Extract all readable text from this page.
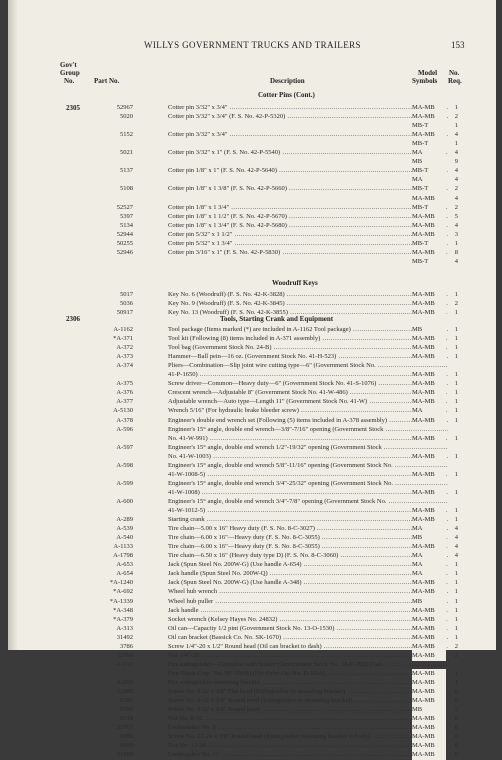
WILLYS GOVERNMENT TRUCKS AND TRAILERS	153
Gov't
Group
No.	Part No.	Description
Model
Symbols
No.
Req.
Cotter Pins (Cont.)
Woodruff Keys
Tools, Starting Crank and Equipment
2305
2306
52967	Cotter pin 3/32" x 3/4" .....	MA-MB	1
5020	Cotter pin 3/32" x 3/4" (F. S. No. 42-P-5320) .....	MA-MB	2
MB-T	1
5152	Cotter pin 3/32" x 3/4" .....	MA-MB	4
MB-T	1
5021	Cotter pin 3/32" x 1" (F. S. No. 42-P-5540) .....	MA	4
MB	9
5137	Cotter pin 1/8" x 1" (F. S. No. 42-P-5640) .....	MB-T	4
MA	4
5108	Cotter pin 1/8" x 1 3/8" (F. S. No. 42-P-5660) .....	MB-T	2
MA-MB	4
52527	Cotter pin 1/8" x 1 3/4" .....	MB-T	2
5397	Cotter pin 1/8" x 1 1/2" (F. S. No. 42-P-5670) .....	MA-MB	5
5134	Cotter pin 1/8" x 1 3/4" (F. S. No. 42-P-5680) .....	MA-MB	4
52944	Cotter pin 5/32" x 1 1/2" .....	MA-MB	3
50255	Cotter pin 5/32" x 1 3/4" .....	MB-T	1
52946	Cotter pin 3/16" x 1" (F. S. No. 42-P-5830) .....	MA-MB	8
MB-T	4
5017	Key No. 6 (Woodruff) (F. S. No. 42-K-3828) .....	MA-MB	1
5036	Key No. 9 (Woodruff) (F. S. No. 42-K-3845) .....	MA-MB	2
50917	Key No. 13 (Woodruff) (F. S. No. 42-K-3855) .....	MA-MB	1
A-1162	Tool package (Items marked (*) are included in A-1162 Tool package) .....	MB	1
*A-371	Tool kit (Following (8) items included in A-371 assembly) .....	MA-MB	1
A-372	Tool bag (Government Stock No. 24-B) .....	MA-MB	1
A-373	Hammer—Ball pein—16 oz. (Government Stock No. 41-H-523) .....	MA-MB	1
A-374	Pliers—Combination—Slip joint wire cutting type—6" (Government Stock No. .....
41-P-1650) .....	MA-MB	1
A-375	Screw driver—Common—Heavy duty—6" (Government Stock No. 41-S-1076) .....	MA-MB	1
A-376	Crescent wrench—Adjustable 8" (Government Stock No. 41-W-486) .....	MA-MB	1
A-377	Adjustable wrench—Auto type—Length 11" (Government Stock No. 41-W) .....	MA-MB	1
A-5130	Wrench 5/16" (For hydraulic brake bleeder screw) .....	MA	1
A-378	Engineer's double end wrench set (Following (5) items included in A-378 assembly) .....	MA-MB	1
A-596	Engineer's 15° angle, double end wrench—3/8"-7/16" opening (Government Stock .....
No. 41-W-991) .....	MA-MB	1
A-597	Engineer's 15° angle, double end wrench 1/2"-19/32" opening (Government Stock .....
No. 41-W-1003) .....	MA-MB	1
A-598	Engineer's 15° angle, double end wrench 5/8"-11/16" opening (Government Stock No. .....
41-W-1008-5) .....	MA-MB	1
A-599	Engineer's 15° angle, double end wrench 3/4"-25/32" opening (Government Stock No. .....
41-W-1008) .....	MA-MB	1
A-600	Engineer's 15° angle, double end wrench 3/4"-7/8" opening (Government Stock No. .....
41-W-1012-5) .....	MA-MB	1
A-289	Starting crank .....	MA-MB	1
A-539	Tire chain—5.00 x 16" Heavy duty (F. S. No. 8-C-3027) .....	MA	4
A-540	Tire chain—6.00 x 16"—Heavy duty (F. S. No. 8-C-3055) .....	MB	4
A-1133	Tire chain—6.00 x 16"—Heavy duty (F. S. No. 8-C-3055) .....	MA-MB	4
A-1798	Tire chain—6.50 x 16" (Heavy duty type D) (F. S. No. 8-C-3060) .....	MA	4
A-653	Jack (Spun Steel No. 200W-G) (Use handle A-654) .....	MA	1
A-654	Jack handle (Spun Steel No. 200W-Q) .....	MA	1
*A-1240	Jack (Spun Steel No. 200W-G) (Use handle A-348) .....	MA-MB	1
*A-692	Wheel hub wrench .....	MA-MB	1
*A-1339	Wheel hub puller .....	MB	1
*A-348	Jack handle .....	MA-MB	1
*A-379	Socket wrench (Kelsey Hayes No. 24832) .....	MA-MB	1
A-313	Oil can—Capacity 1/2 pint (Government Stock No. 13-O-1530) .....	MA-MB	1
31492	Oil can bracket (Bassick Co. No. SK-1670) .....	MA-MB	1
3786	Screw 1/4"-20 x 1/2" Round head (Oil can bracket to dash) .....	MA-MB	2
52700	Nut 1/4"-20 .....	MA-MB	2
A-616	Fire extinguisher—Complete with holder (Government Stock No. 58-E-202) (Gen. .....
Fire-Track Corp. No. BF-100B) (Fyr-Fyter Co. No. D-10-A) .....	MA-MB	1
A-693	Fire extinguisher mounting bracket .....	MA-MB	1
52489	Screw No. 8-32 x 3/8" Flat head (Extinguisher to mounting bracket) .....	MA-MB	6
6287	Screw No. 8-32 x 3/4" Round head (Extinguisher to mounting bracket) .....	MA-MB	6
5780	Screw No. 8-32 x 3/4" Round head .....	MB	2
6214	Nut No. 8-32 .....	MA-MB	6
52705	Lockwasher No. 8 .....	MA-MB	6
6886	Screw No. 12-24 x 3/8" Round head (Extinguisher mounting bracket to body) .....	MA-MB	6
6989	Nut No. 12-24 .....	MA-MB	6
51909	Lockwasher No. 12 .....	MA-MB	6
